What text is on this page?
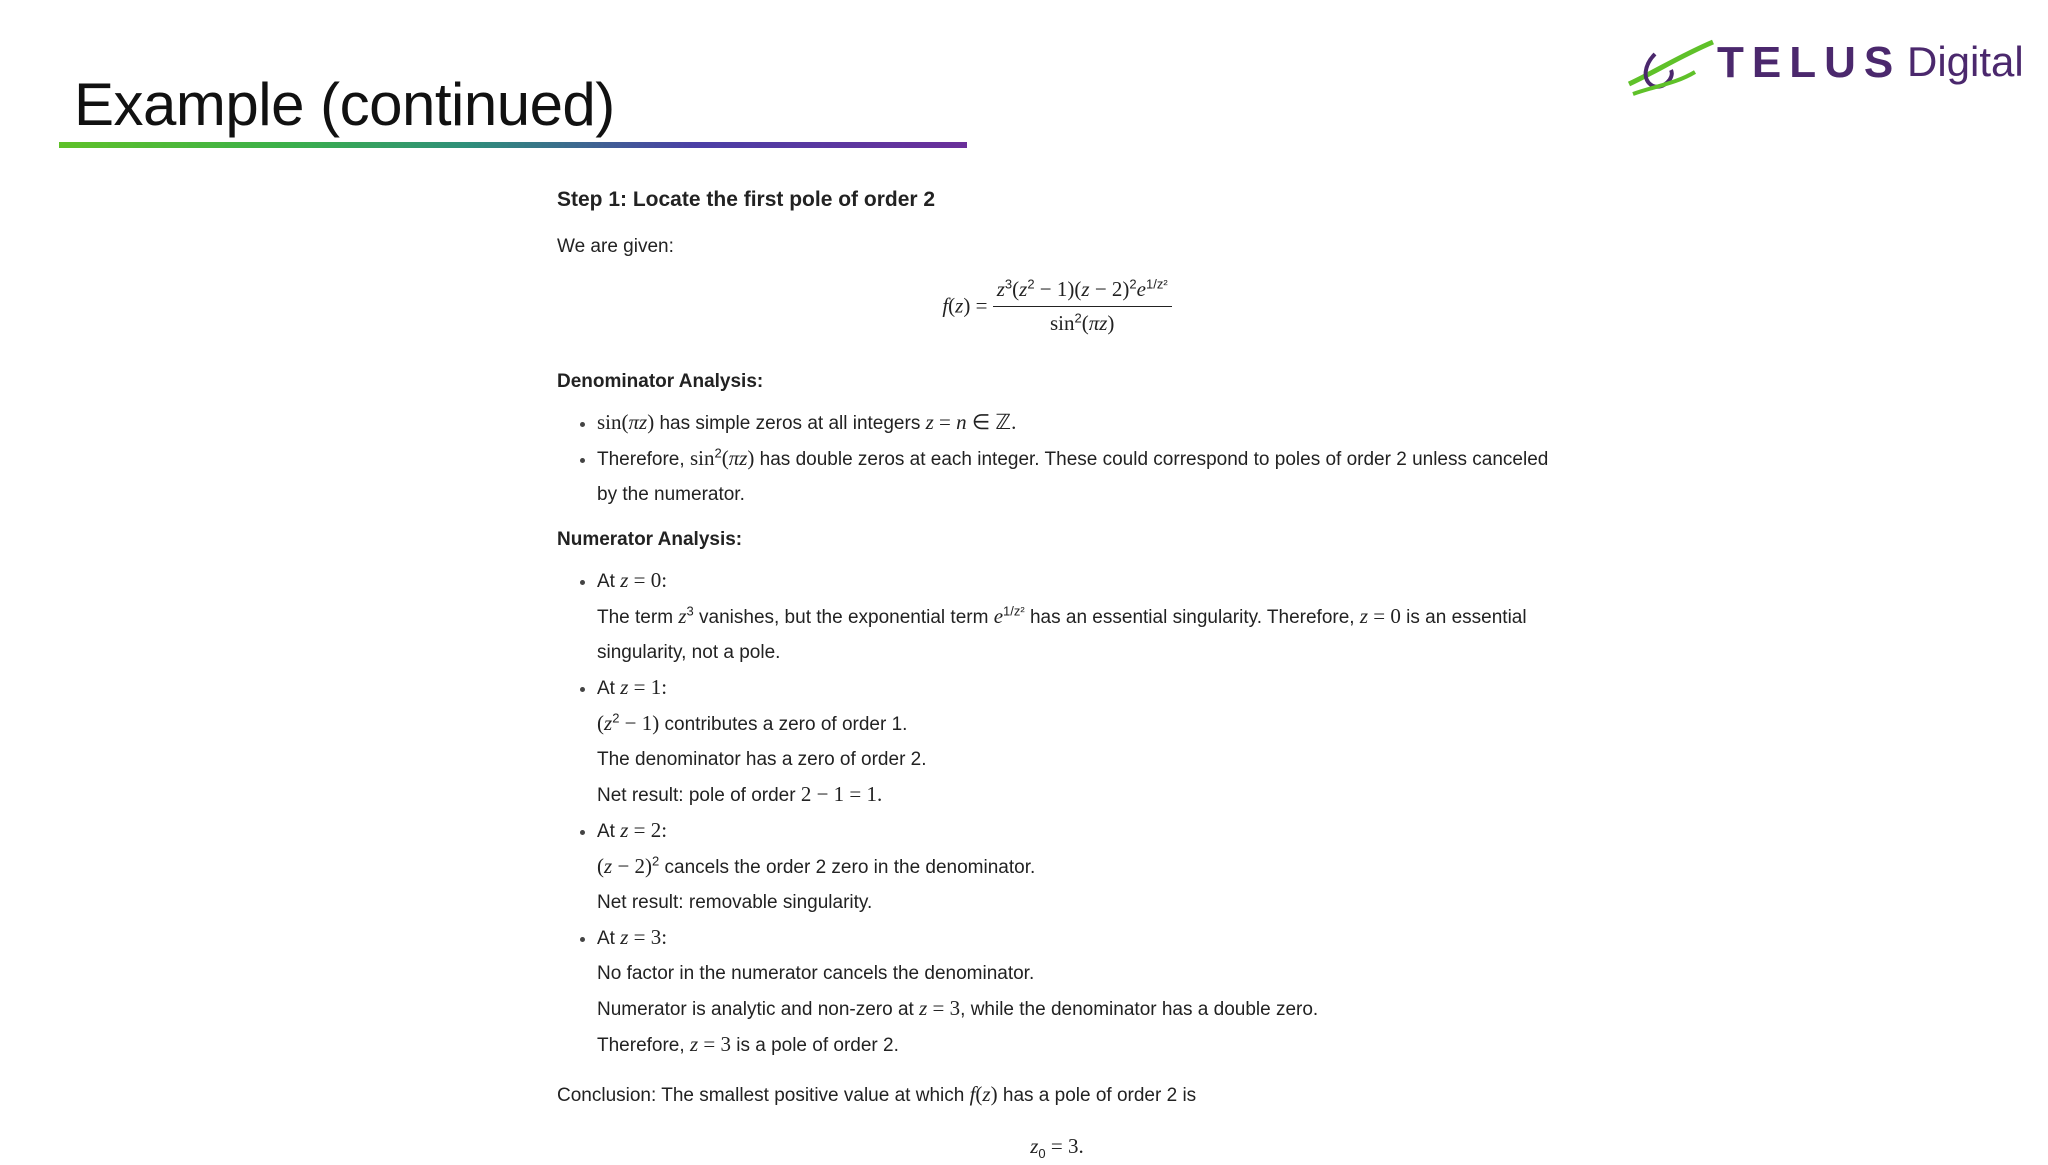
Example (continued)
TELUS Digital
Step 1: Locate the first pole of order 2
We are given:
$f(z) = \frac{z^3(z^2 - 1)(z - 2)^2e^{1/z^2}}{\sin^2(\pi z)}$
Denominator Analysis:
• sin(πz) has simple zeros at all integers z = n ∈ ℤ.
• Therefore, $\sin^2(\pi z)$ has double zeros at each integer. These could correspond to poles of order 2 unless canceled by the numerator.
Numerator Analysis:
• At z = 0:
The term $z^3$ vanishes, but the exponential term $e^{1/z^2}$ has an essential singularity. Therefore, z = 0 is an essential singularity, not a pole.
• At z = 1:
$(z^2 - 1)$ contributes a zero of order 1.
The denominator has a zero of order 2.
Net result: pole of order 2 − 1 = 1.
• At z = 2:
$(z - 2)^2$ cancels the order 2 zero in the denominator.
Net result: removable singularity.
• At z = 3:
No factor in the numerator cancels the denominator.
Numerator is analytic and non-zero at z = 3, while the denominator has a double zero.
Therefore, z = 3 is a pole of order 2.
Conclusion: The smallest positive value at which f(z) has a pole of order 2 is
$z_0 = 3$.
